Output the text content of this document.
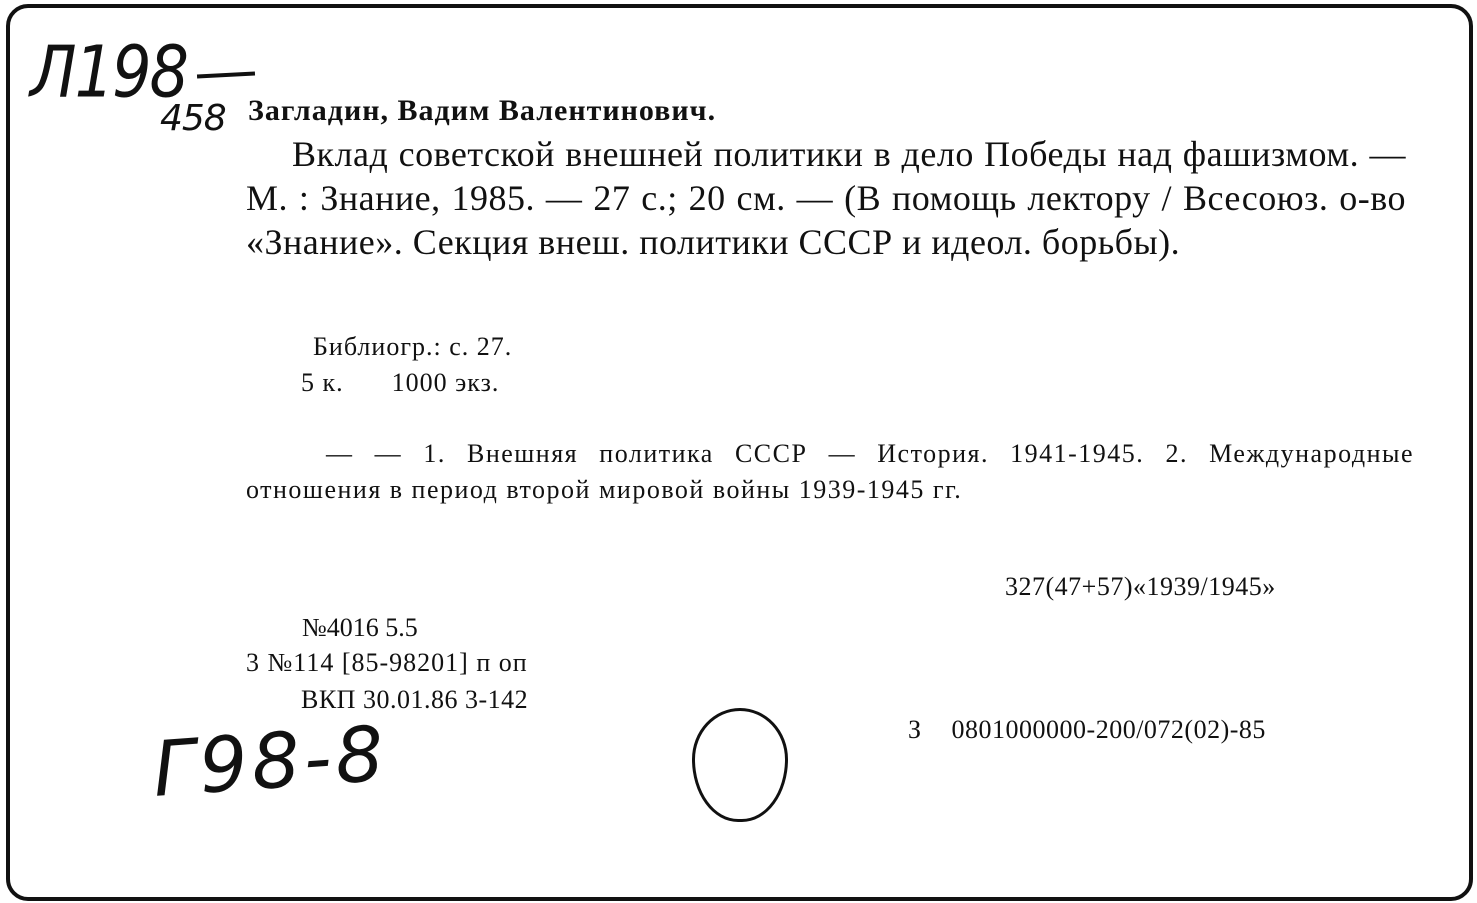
Л198
458 Загладин, Вадим Валентинович.
Вклад советской внешней политики в дело Победы над фашизмом. — М. : Знание, 1985. — 27 с.; 20 см. — (В помощь лектору / Всесоюз. о-во «Знание». Секция внеш. политики СССР и идеол. борьбы).
Библиогр.: с. 27.
5 к. 1000 экз.
— — 1. Внешняя политика СССР — История. 1941-1945. 2. Международные отношения в период второй мировой войны 1939-1945 гг.
327(47+57)«1939/1945»
№4016 5.5
3 №114 [85-98201] п оп
ВКП 30.01.86 3-142
З 0801000000-200/072(02)-85
Г98-8
